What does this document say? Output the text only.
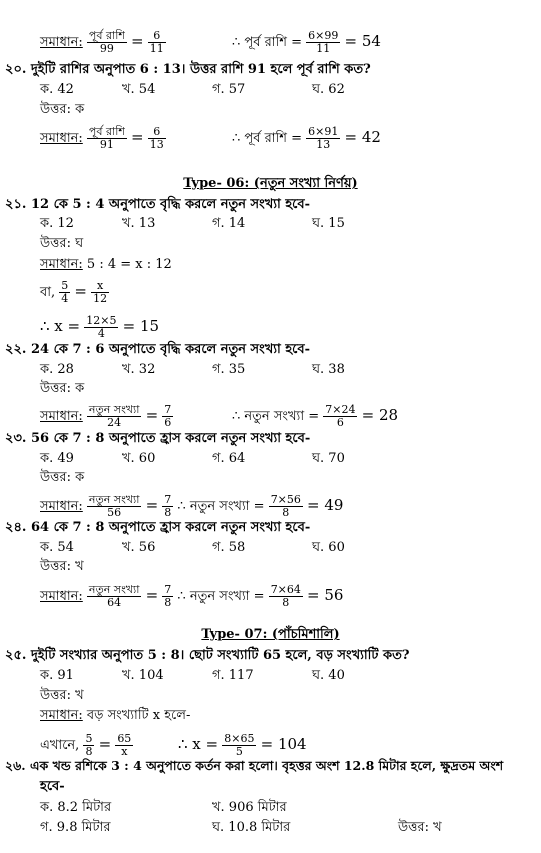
সমাধান: $\frac{\text{পূর্ব রাশি}}{99} = \frac{6}{11}$	∴ পূর্ব রাশি = $\frac{6\times 99}{11} = 54$
২০. দুইটি রাশির অনুপাত 6 : 13। উত্তর রাশি 91 হলে পূর্ব রাশি কত?
ক. 42	খ. 54	গ. 57	ঘ. 62
উত্তর: ক
সমাধান: $\frac{\text{পূর্ব রাশি}}{91} = \frac{6}{13}$	∴ পূর্ব রাশি = $\frac{6\times 91}{13} = 42$
Type- 06: (নতুন সংখ্যা নির্ণয়)
২১. 12 কে 5 : 4 অনুপাতে বৃদ্ধি করলে নতুন সংখ্যা হবে-
ক. 12	খ. 13	গ. 14	ঘ. 15
উত্তর: ঘ
সমাধান: 5 : 4 = x : 12
বা, $\frac{5}{4} = \frac{x}{12}$
∴ $x = \frac{12\times 5}{4} = 15$
২২. 24 কে 7 : 6 অনুপাতে বৃদ্ধি করলে নতুন সংখ্যা হবে-
ক. 28	খ. 32	গ. 35	ঘ. 38
উত্তর: ক
সমাধান: $\frac{\text{নতুন সংখ্যা}}{24} = \frac{7}{6}$	∴ নতুন সংখ্যা = $\frac{7\times 24}{6} = 28$
২৩. 56 কে 7 : 8 অনুপাতে হ্রাস করলে নতুন সংখ্যা হবে-
ক. 49	খ. 60	গ. 64	ঘ. 70
উত্তর: ক
সমাধান: $\frac{\text{নতুন সংখ্যা}}{56} = \frac{7}{8}$ ∴ নতুন সংখ্যা = $\frac{7\times 56}{8} = 49$
২৪. 64 কে 7 : 8 অনুপাতে হ্রাস করলে নতুন সংখ্যা হবে-
ক. 54	খ. 56	গ. 58	ঘ. 60
উত্তর: খ
সমাধান: $\frac{\text{নতুন সংখ্যা}}{64} = \frac{7}{8}$ ∴ নতুন সংখ্যা = $\frac{7\times 64}{8} = 56$
Type- 07: (পাঁচমিশালি)
২৫. দুইটি সংখ্যার অনুপাত 5 : 8। ছোট সংখ্যাটি 65 হলে, বড় সংখ্যাটি কত?
ক. 91	খ. 104	গ. 117	ঘ. 40
উত্তর: খ
সমাধান: বড় সংখ্যাটি x হলে-
এখানে, $\frac{5}{8} = \frac{65}{x}$	∴ $x = \frac{8\times 65}{5} = 104$
২৬. এক খন্ড রশিকে 3 : 4 অনুপাতে কর্তন করা হলো। বৃহত্তর অংশ 12.8 মিটার হলে, ক্ষুদ্রতম অংশ
হবে-
ক. 8.2 মিটার	খ. 906 মিটার
গ. 9.8 মিটার	ঘ. 10.8 মিটার	উত্তর: খ
